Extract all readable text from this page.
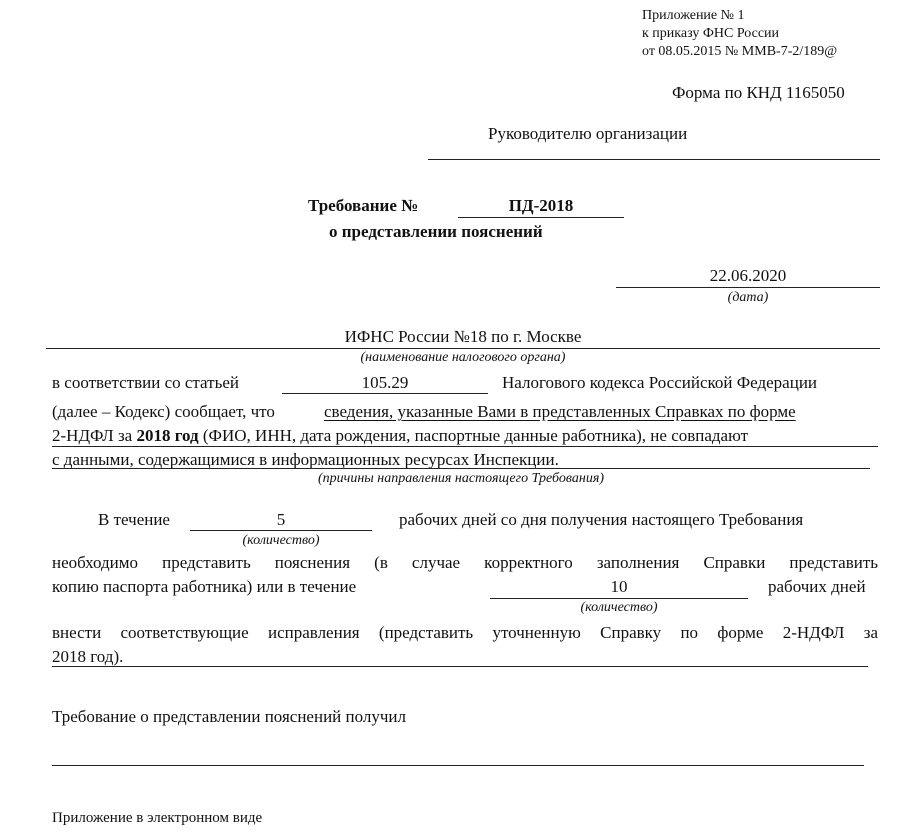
Приложение № 1
к приказу ФНС России
от 08.05.2015 № ММВ-7-2/189@
Форма по КНД 1165050
Руководителю организации
Требование №	ПД-2018
о представлении пояснений
22.06.2020
(дата)
ИФНС России №18 по г. Москве
(наименование налогового органа)
в соответствии со статьей	105.29	Налогового кодекса Российской Федерации
(далее – Кодекс) сообщает, что	сведения, указанные Вами в представленных Справках по форме
2-НДФЛ за 2018 год (ФИО, ИНН, дата рождения, паспортные данные работника), не совпадают
с данными, содержащимися в информационных ресурсах Инспекции.
(причины направления настоящего Требования)
В течение	5
(количество)
рабочих дней со дня получения настоящего Требования
необходимо представить пояснения (в случае корректного заполнения Справки представить
копию паспорта работника) или в течение	10
(количество)
рабочих дней
внести соответствующие исправления (представить уточненную Справку по форме 2-НДФЛ за
2018 год).
Требование о представлении пояснений получил
Приложение в электронном виде
